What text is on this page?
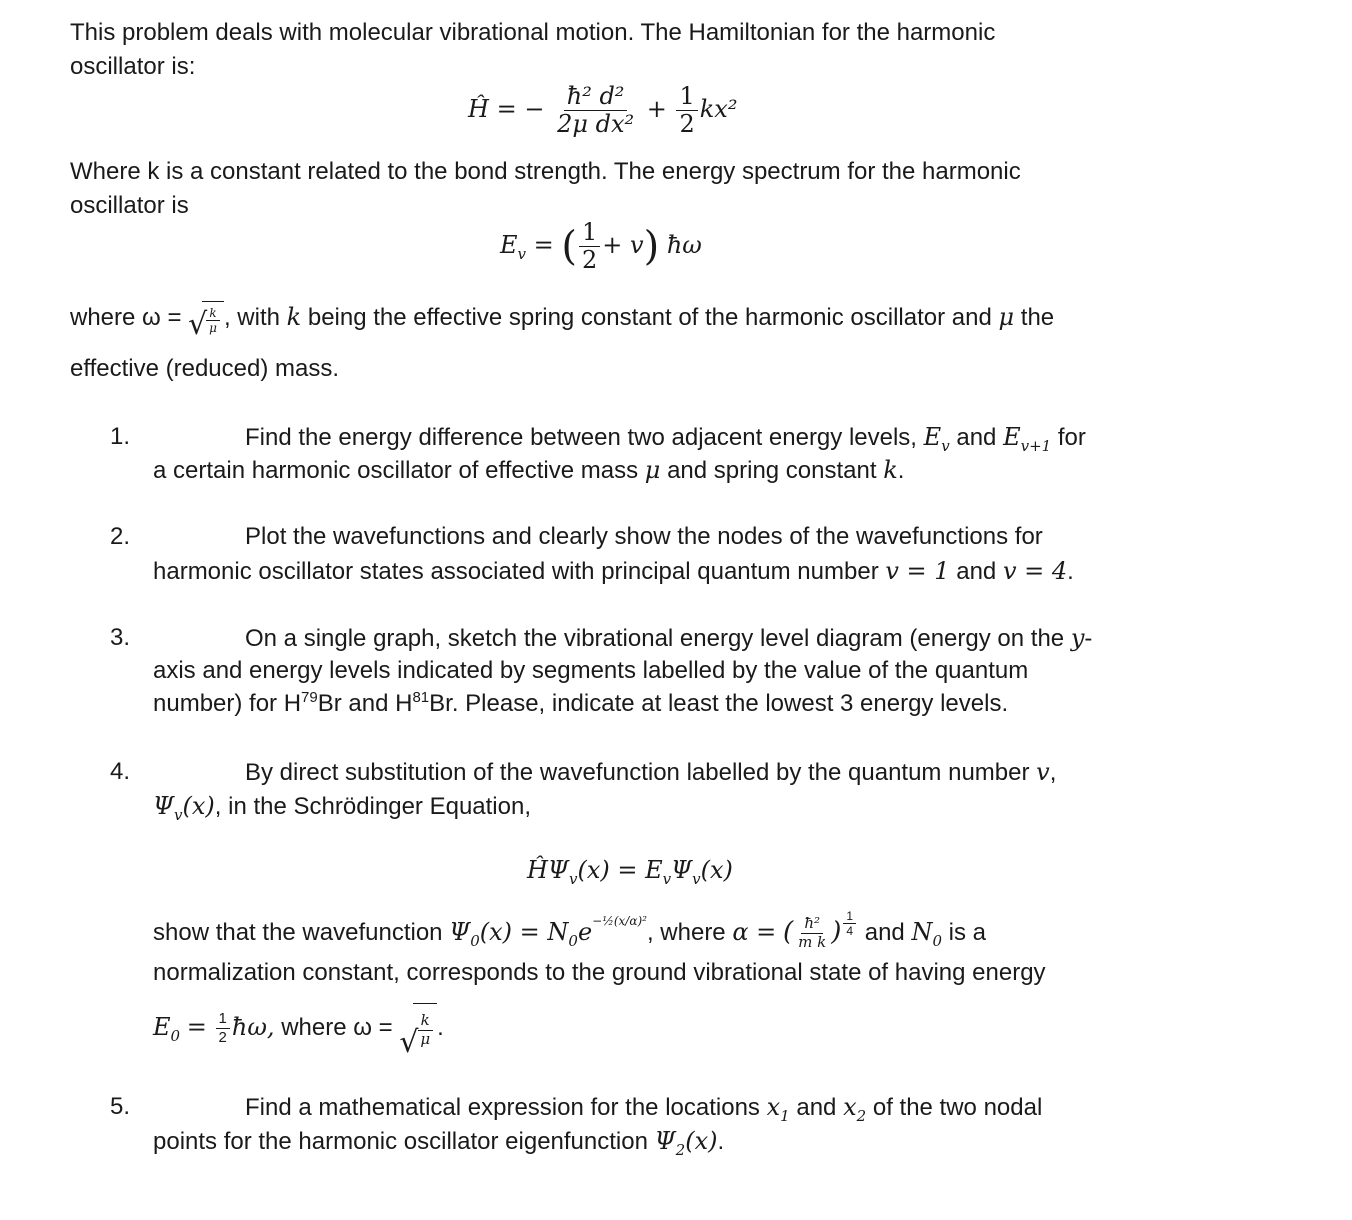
This problem deals with molecular vibrational motion. The Hamiltonian for the harmonic
oscillator is:
Ĥ = − $\frac{\text{ħ² d²}}{\text{2μ dx²}} + \frac{1}{2} kx^2$
Where k is a constant related to the bond strength. The energy spectrum for the harmonic
oscillator is
$E_v$ = ( $\frac{1}{2} + v$) ħω
where ω = √
$\frac{k}{\mu}$ , with k being the effective spring constant of the harmonic oscillator and μ the
effective (reduced) mass.
1.	Find the energy difference between two adjacent energy levels, $E_v$ and $E_{v+1}$ for
a certain harmonic oscillator of effective mass μ and spring constant k.
2.	Plot the wavefunctions and clearly show the nodes of the wavefunctions for
harmonic oscillator states associated with principal quantum number v = 1 and v = 4.
3.	On a single graph, sketch the vibrational energy level diagram (energy on the y-
axis and energy levels indicated by segments labelled by the value of the quantum
number) for $H^{79}Br$ and $H^{81}Br$. Please, indicate at least the lowest 3 energy levels.
4.	By direct substitution of the wavefunction labelled by the quantum number v,
$\Psi_v(x)$, in the Schrödinger Equation,
$Ĥ\Psi_v(x) = E_v\Psi_v(x)$
show that the wavefunction $\Psi_0(x) = N_0e^{-\frac{1}{2}(x/\alpha)^2}$, where α = ( $\frac{\text{ħ²}}{\text{m k}}$ ) $^{\frac{1}{4}}$ and $N_0$ is a
normalization constant, corresponds to the ground vibrational state of having energy
$E_0 = \frac{1}{2}$ ħω, where ω = √
$\frac{k}{\mu}$ .
5.	Find a mathematical expression for the locations $x_1$ and $x_2$ of the two nodal
points for the harmonic oscillator eigenfunction $\Psi_2(x)$.
